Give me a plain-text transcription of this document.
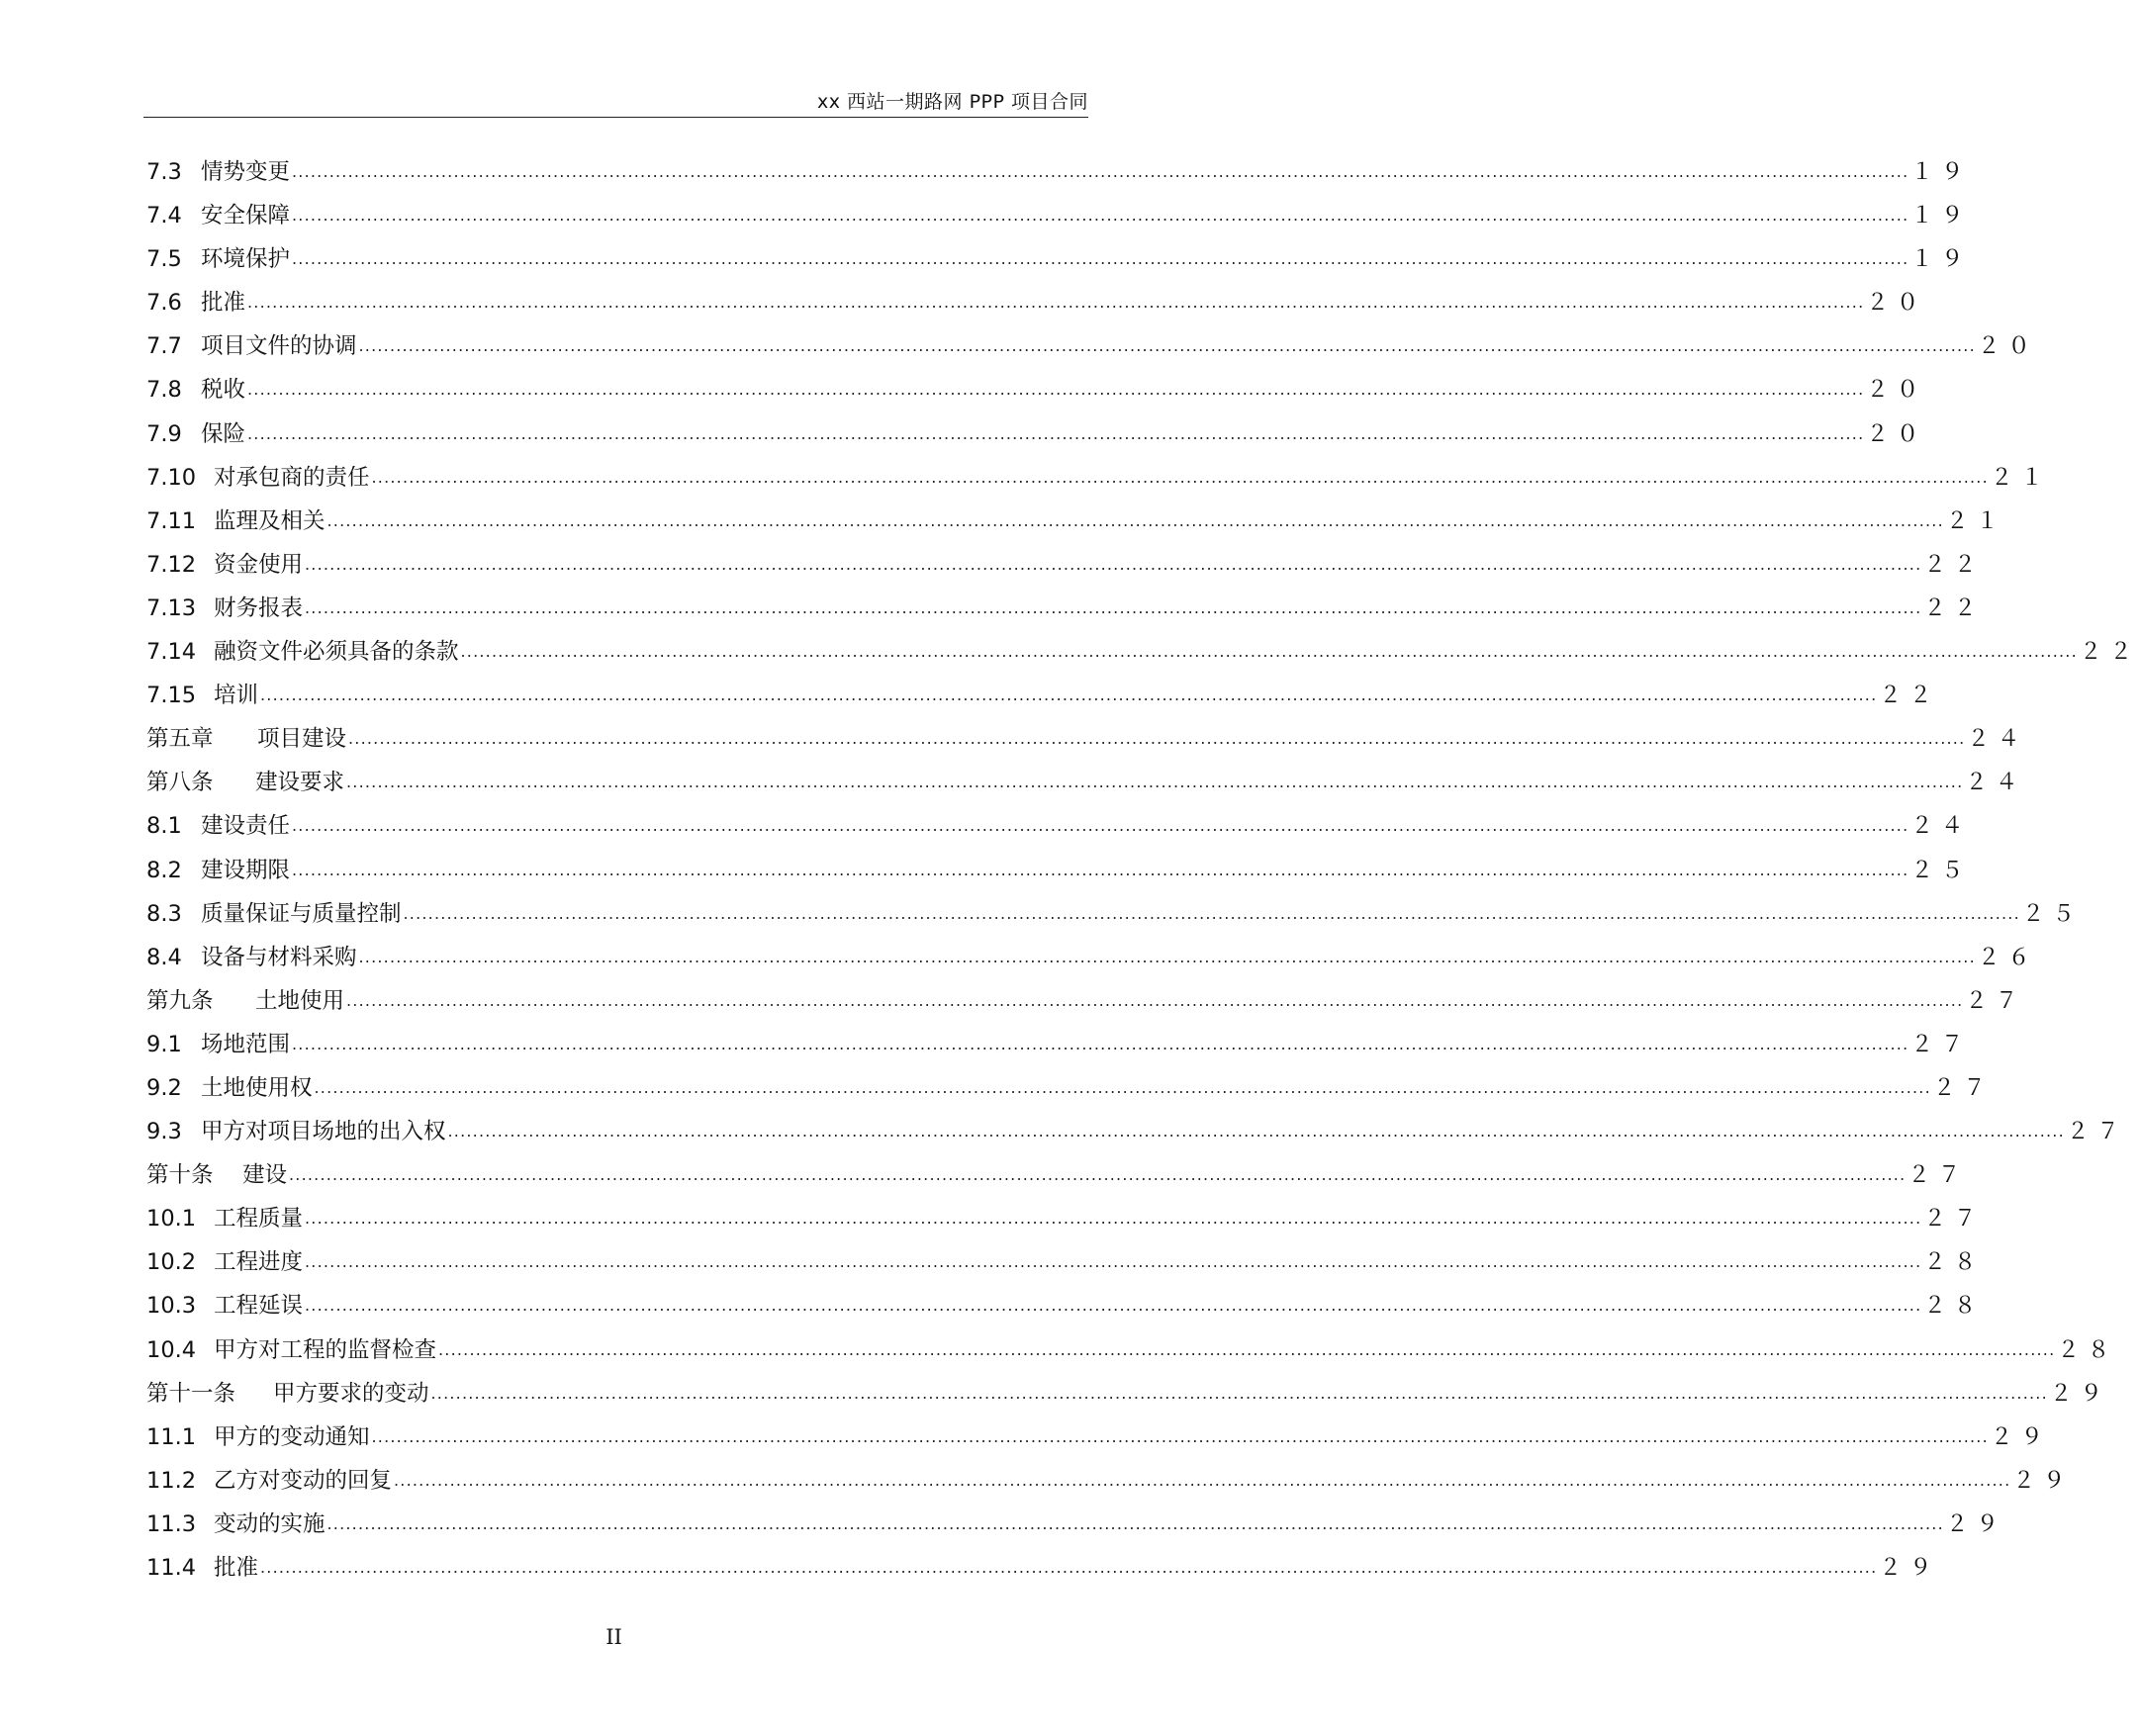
xx 西站一期路网 PPP 项目合同
7.3 情势变更 .................................................................................................................................................................................................................................................................... １９
7.4 安全保障 .................................................................................................................................................................................................................................................................... １９
7.5 环境保护 .................................................................................................................................................................................................................................................................... １９
7.6 批准 .................................................................................................................................................................................................................................................................... ２０
7.7 项目文件的协调 .................................................................................................................................................................................................................................................................... ２０
7.8 税收 .................................................................................................................................................................................................................................................................... ２０
7.9 保险 .................................................................................................................................................................................................................................................................... ２０
7.10 对承包商的责任 .................................................................................................................................................................................................................................................................... ２１
7.11 监理及相关 .................................................................................................................................................................................................................................................................... ２１
7.12 资金使用 .................................................................................................................................................................................................................................................................... ２２
7.13 财务报表 .................................................................................................................................................................................................................................................................... ２２
7.14 融资文件必须具备的条款 .................................................................................................................................................................................................................................................................... ２２
7.15 培训 .................................................................................................................................................................................................................................................................... ２２
第五章	项目建设 .................................................................................................................................................................................................................................................................... ２４
第八条	建设要求 .................................................................................................................................................................................................................................................................... ２４
8.1 建设责任 .................................................................................................................................................................................................................................................................... ２４
8.2 建设期限 .................................................................................................................................................................................................................................................................... ２５
8.3 质量保证与质量控制 .................................................................................................................................................................................................................................................................... ２５
8.4 设备与材料采购 .................................................................................................................................................................................................................................................................... ２６
第九条	土地使用 .................................................................................................................................................................................................................................................................... ２７
9.1 场地范围 .................................................................................................................................................................................................................................................................... ２７
9.2 土地使用权 .................................................................................................................................................................................................................................................................... ２７
9.3 甲方对项目场地的出入权 .................................................................................................................................................................................................................................................................... ２７
第十条	建设 .................................................................................................................................................................................................................................................................... ２７
10.1 工程质量 .................................................................................................................................................................................................................................................................... ２７
10.2 工程进度 .................................................................................................................................................................................................................................................................... ２８
10.3 工程延误 .................................................................................................................................................................................................................................................................... ２８
10.4 甲方对工程的监督检查 .................................................................................................................................................................................................................................................................... ２８
第十一条	甲方要求的变动 .................................................................................................................................................................................................................................................................... ２９
11.1 甲方的变动通知 .................................................................................................................................................................................................................................................................... ２９
11.2 乙方对变动的回复 .................................................................................................................................................................................................................................................................... ２９
11.3 变动的实施 .................................................................................................................................................................................................................................................................... ２９
11.4 批准 .................................................................................................................................................................................................................................................................... ２９
II
